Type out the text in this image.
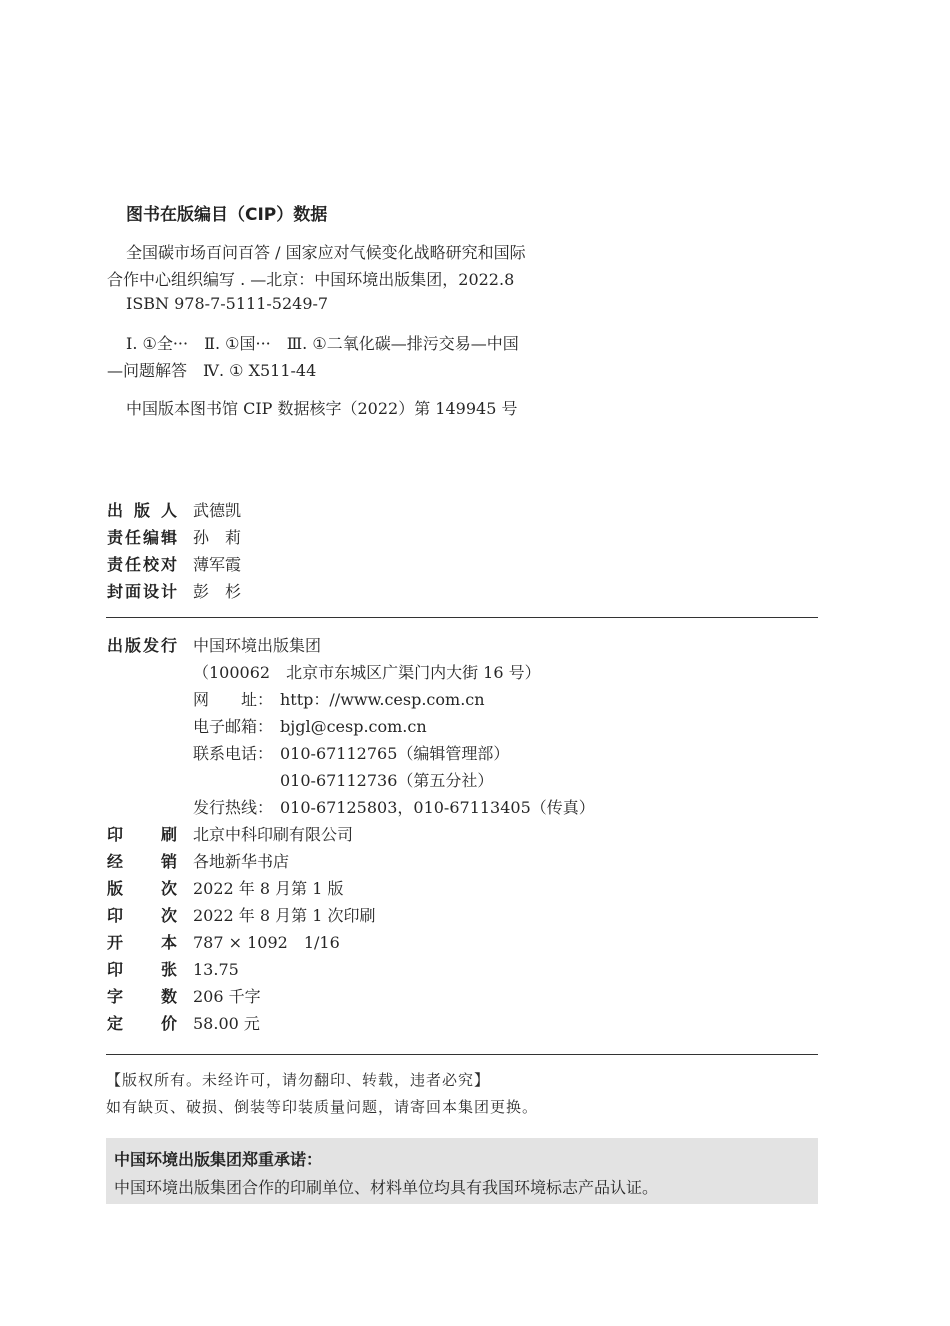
图书在版编目（CIP）数据
全国碳市场百问百答 / 国家应对气候变化战略研究和国际
合作中心组织编写 . —北京：中国环境出版集团，2022.8
ISBN 978-7-5111-5249-7
Ⅰ. ①全···　Ⅱ. ①国···　Ⅲ. ①二氧化碳—排污交易—中国
—问题解答　Ⅳ. ① X511-44
中国版本图书馆 CIP 数据核字（2022）第 149945 号
出 版 人 武德凯
责 任 编 辑 孙　莉
责 任 校 对 薄军霞
封 面 设 计 彭　杉
出 版 发 行 中国环境出版集团
（100062　北京市东城区广渠门内大街 16 号）
网　　址： http：//www.cesp.com.cn
电子邮箱： bjgl@cesp.com.cn
联系电话： 010-67112765（编辑管理部）
010-67112736（第五分社）
发行热线： 010-67125803，010-67113405（传真）
印 刷 北京中科印刷有限公司
经 销 各地新华书店
版 次 2022 年 8 月第 1 版
印 次 2022 年 8 月第 1 次印刷
开 本 787 × 1092　1/16
印 张 13.75
字 数 206 千字
定 价 58.00 元
【版权所有。未经许可，请勿翻印、转载，违者必究】
如有缺页、破损、倒装等印装质量问题，请寄回本集团更换。
中国环境出版集团郑重承诺：
中国环境出版集团合作的印刷单位、材料单位均具有我国环境标志产品认证。
